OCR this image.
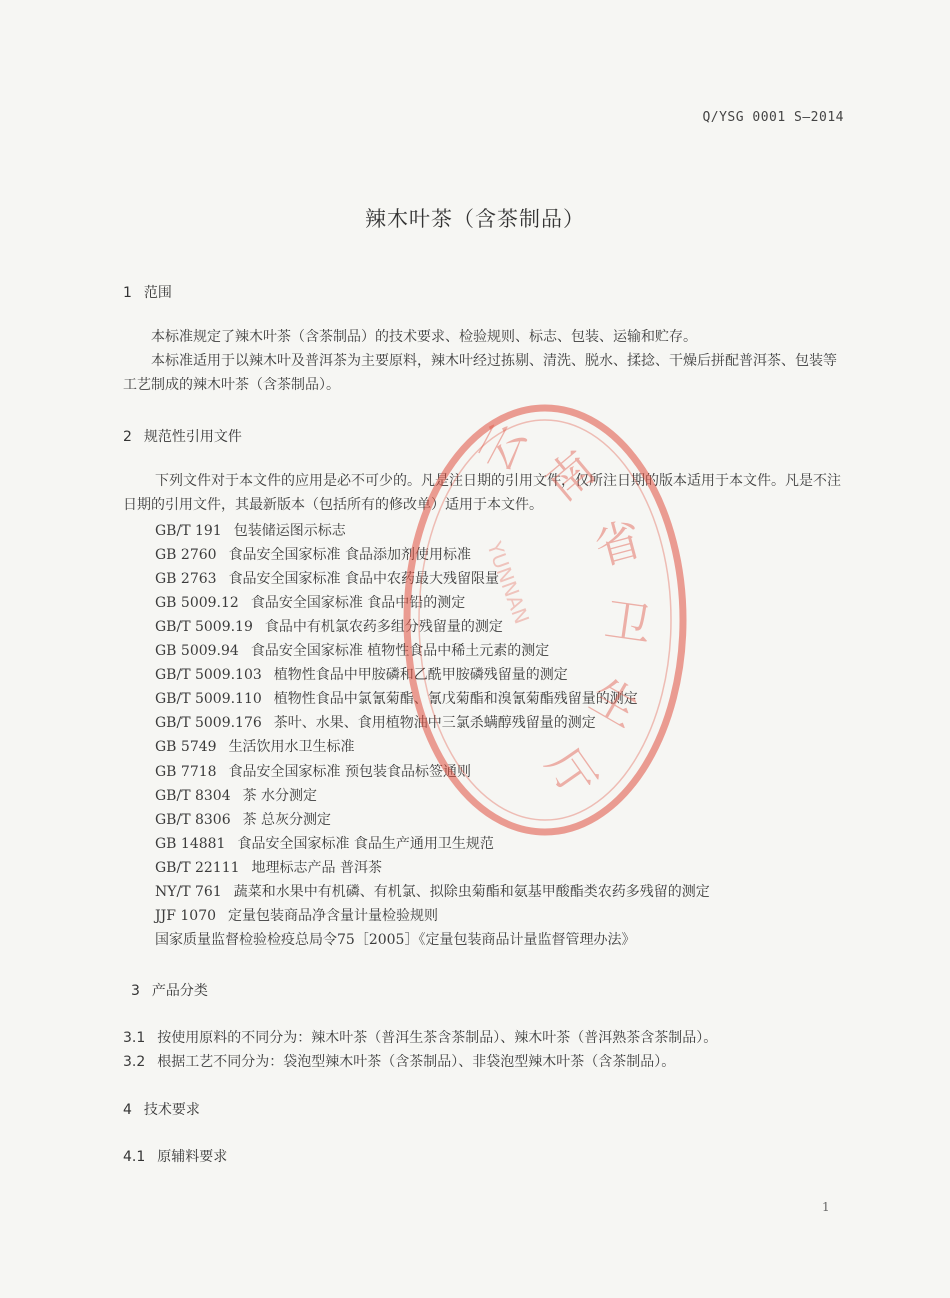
Q/YSG 0001 S—2014
辣木叶茶（含茶制品）
1 范围
本标准规定了辣木叶茶（含茶制品）的技术要求、检验规则、标志、包装、运输和贮存。
本标准适用于以辣木叶及普洱茶为主要原料，辣木叶经过拣剔、清洗、脱水、揉捻、干燥后拼配普洱茶、包装等工艺制成的辣木叶茶（含茶制品）。
2 规范性引用文件
下列文件对于本文件的应用是必不可少的。凡是注日期的引用文件，仅所注日期的版本适用于本文件。凡是不注日期的引用文件，其最新版本（包括所有的修改单）适用于本文件。
GB/T 191 包装储运图示标志
GB 2760 食品安全国家标准 食品添加剂使用标准
GB 2763 食品安全国家标准 食品中农药最大残留限量
GB 5009.12 食品安全国家标准 食品中铅的测定
GB/T 5009.19 食品中有机氯农药多组分残留量的测定
GB 5009.94 食品安全国家标准 植物性食品中稀土元素的测定
GB/T 5009.103 植物性食品中甲胺磷和乙酰甲胺磷残留量的测定
GB/T 5009.110 植物性食品中氯氰菊酯、氰戊菊酯和溴氰菊酯残留量的测定
GB/T 5009.176 茶叶、水果、食用植物油中三氯杀螨醇残留量的测定
GB 5749 生活饮用水卫生标准
GB 7718 食品安全国家标准 预包装食品标签通则
GB/T 8304 茶 水分测定
GB/T 8306 茶 总灰分测定
GB 14881 食品安全国家标准 食品生产通用卫生规范
GB/T 22111 地理标志产品 普洱茶
NY/T 761 蔬菜和水果中有机磷、有机氯、拟除虫菊酯和氨基甲酸酯类农药多残留的测定
JJF 1070 定量包装商品净含量计量检验规则
国家质量监督检验检疫总局令75［2005］《定量包装商品计量监督管理办法》
3 产品分类
3.1 按使用原料的不同分为：辣木叶茶（普洱生茶含茶制品）、辣木叶茶（普洱熟茶含茶制品）。
3.2 根据工艺不同分为：袋泡型辣木叶茶（含茶制品）、非袋泡型辣木叶茶（含茶制品）。
4 技术要求
4.1 原辅料要求
1
云 南
省
卫
生
厅
YUNNAN
